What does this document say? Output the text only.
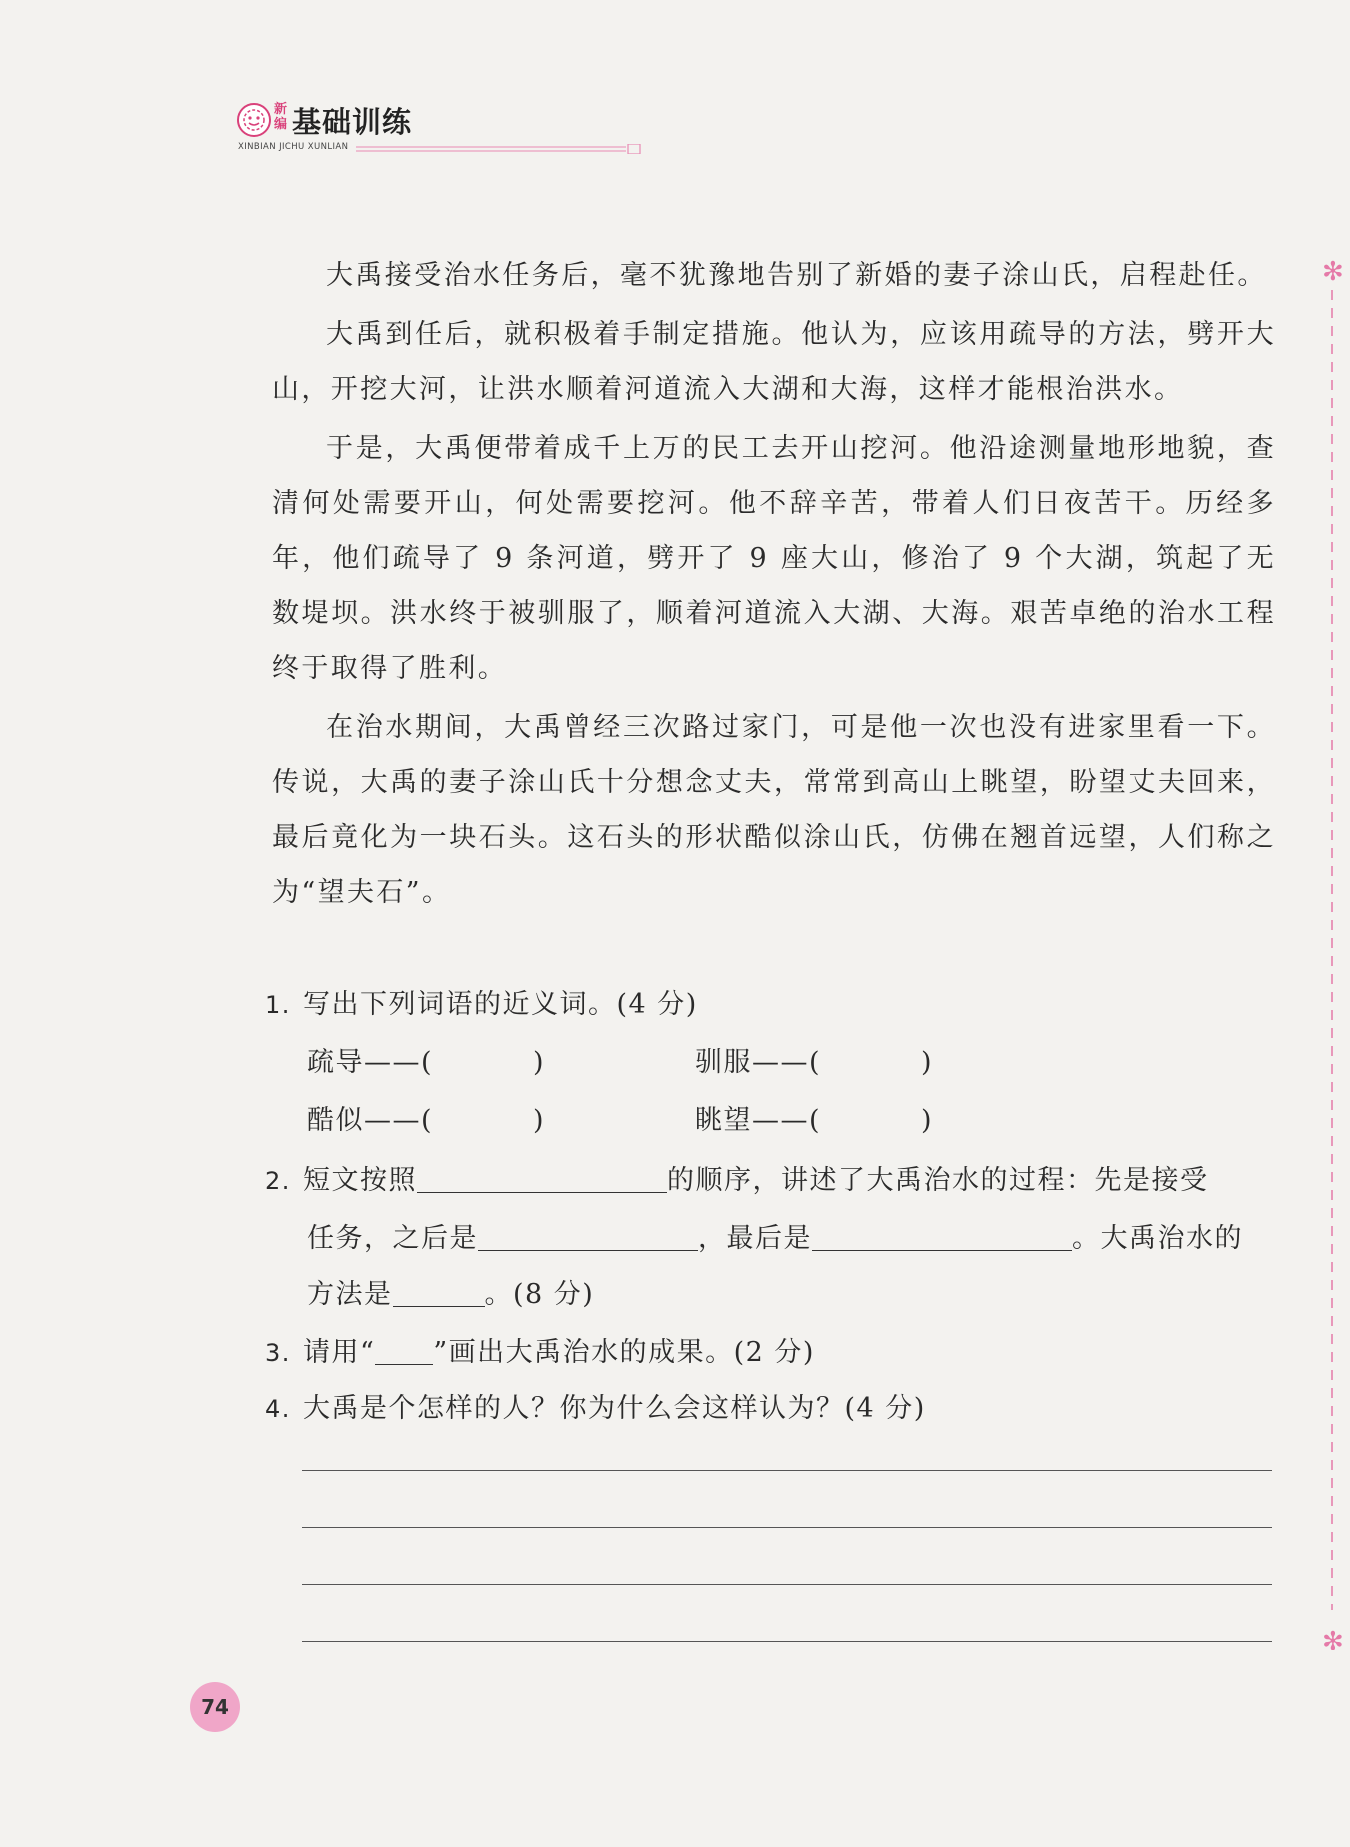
新编 基础训练
XINBIAN JICHU XUNLIAN
✻
✻

大禹接受治水任务后，毫不犹豫地告别了新婚的妻子涂山氏，启程赴任。

大禹到任后，就积极着手制定措施。他认为，应该用疏导的方法，劈开大山，开挖大河，让洪水顺着河道流入大湖和大海，这样才能根治洪水。

于是，大禹便带着成千上万的民工去开山挖河。他沿途测量地形地貌，查清何处需要开山，何处需要挖河。他不辞辛苦，带着人们日夜苦干。历经多年，他们疏导了 9 条河道，劈开了 9 座大山，修治了 9 个大湖，筑起了无数堤坝。洪水终于被驯服了，顺着河道流入大湖、大海。艰苦卓绝的治水工程终于取得了胜利。

在治水期间，大禹曾经三次路过家门，可是他一次也没有进家里看一下。传说，大禹的妻子涂山氏十分想念丈夫，常常到高山上眺望，盼望丈夫回来，最后竟化为一块石头。这石头的形状酷似涂山氏，仿佛在翘首远望，人们称之为“望夫石”。

1. 写出下列词语的近义词。(4 分)
疏导——(	)	驯服——(	)
酷似——(	)	眺望——(	)
2. 短文按照	的顺序，讲述了大禹治水的过程：先是接受
任务，之后是	，最后是	。大禹治水的
方法是	。(8 分)
3. 请用“ ”画出大禹治水的成果。(2 分)
4. 大禹是个怎样的人？你为什么会这样认为？(4 分)
74
